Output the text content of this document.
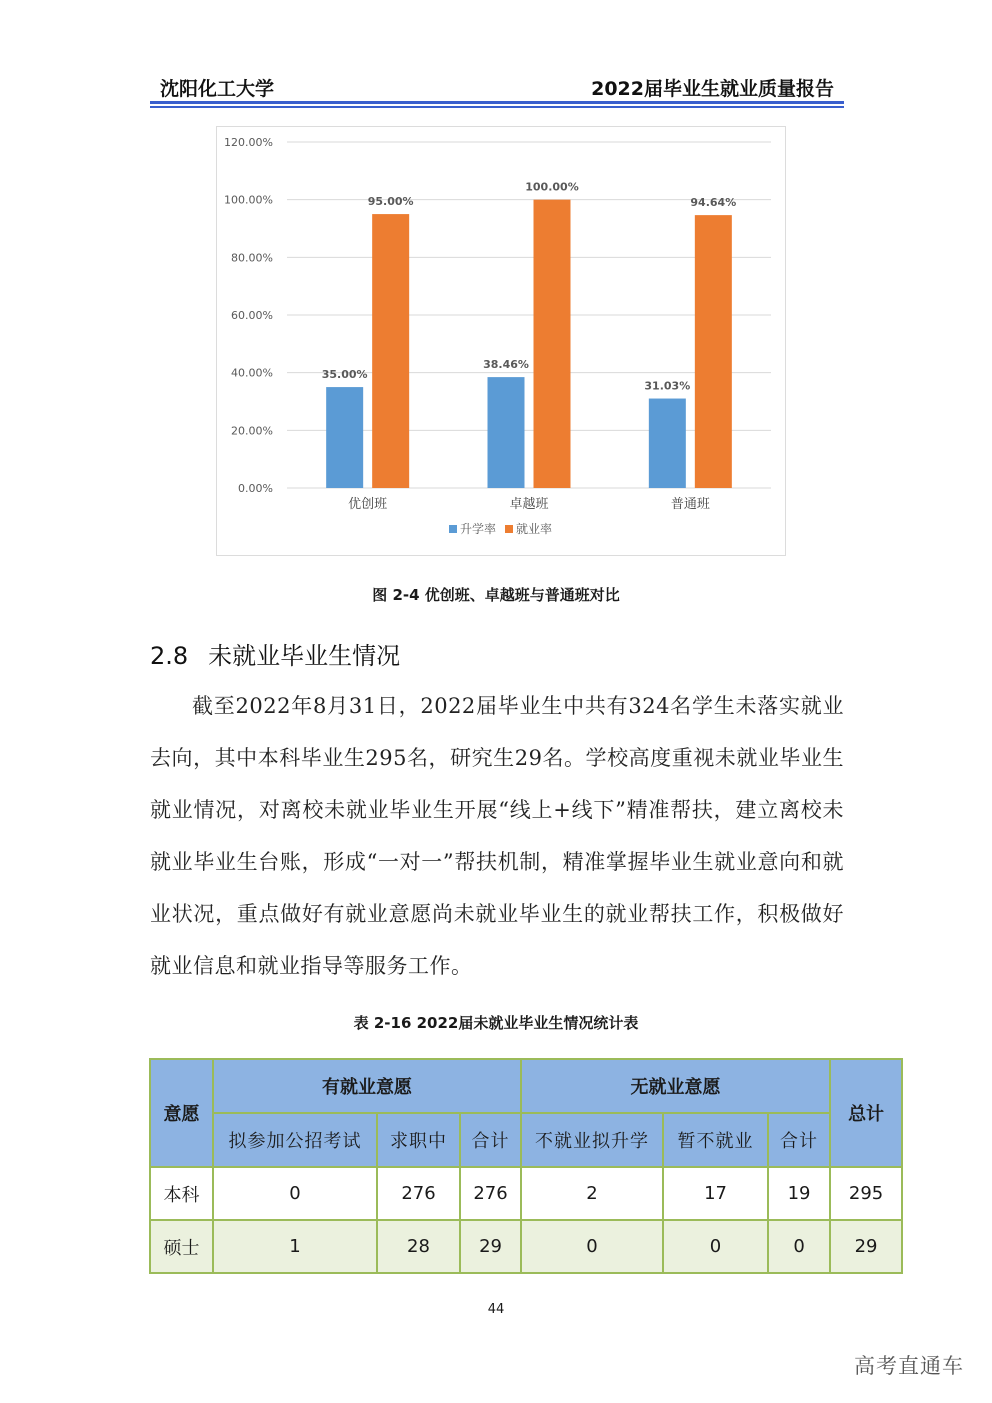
沈阳化工大学	2022届毕业生就业质量报告
0.00%
20.00%
40.00%
60.00%
80.00%
100.00%
120.00%
35.00%
95.00%
优创班
38.46%
100.00%
卓越班
31.03%
94.64%
普通班
升学率 就业率
图 2-4 优创班、卓越班与普通班对比
2.8 未就业毕业生情况
截至2022年8月31日，2022届毕业生中共有324名学生未落实就业去向，其中本科毕业生295名，研究生29名。学校高度重视未就业毕业生就业情况，对离校未就业毕业生开展“线上+线下”精准帮扶，建立离校未就业毕业生台账，形成“一对一”帮扶机制，精准掌握毕业生就业意向和就业状况，重点做好有就业意愿尚未就业毕业生的就业帮扶工作，积极做好就业信息和就业指导等服务工作。
表 2-16 2022届未就业毕业生情况统计表
意愿	有就业意愿			无就业意愿			总计
	拟参加公招考试	求职中	合计	不就业拟升学	暂不就业	合计	
本科	0	276	276	2	17	19	295
硕士	1	28	29	0	0	0	29
44
高考直通车
